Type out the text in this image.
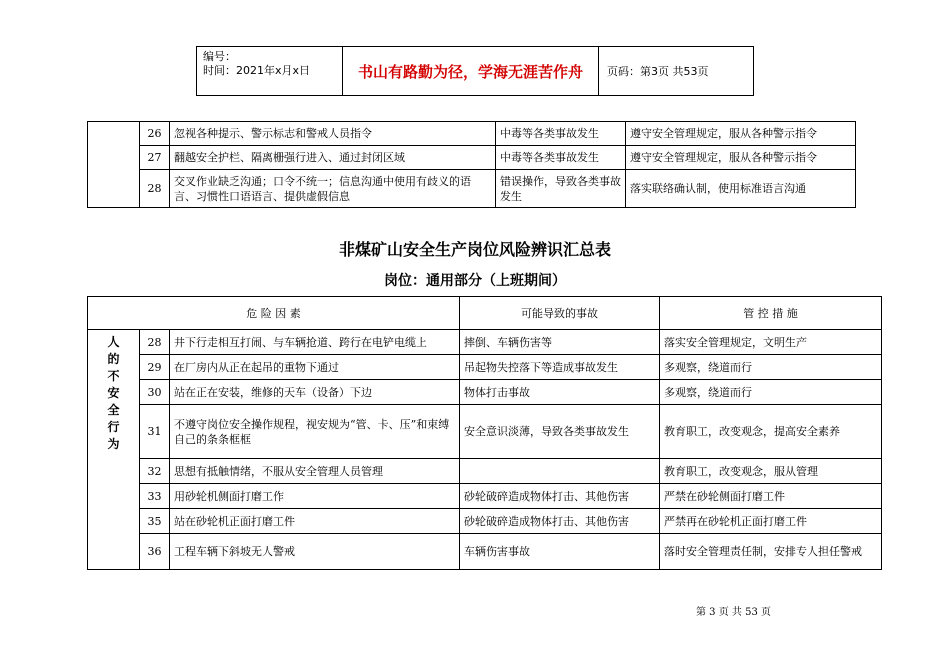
编号：
时间：2021年x月x日	书山有路勤为径，学海无涯苦作舟	页码：第3页 共53页
	26	忽视各种提示、警示标志和警戒人员指令	中毒等各类事故发生	遵守安全管理规定，服从各种警示指令
	27	翻越安全护栏、隔离栅强行进入、通过封闭区域	中毒等各类事故发生	遵守安全管理规定，服从各种警示指令
	28	交叉作业缺乏沟通；口令不统一；信息沟通中使用有歧义的语言、习惯性口语语言、提供虚假信息	错误操作，导致各类事故发生	落实联络确认制，使用标准语言沟通
非煤矿山安全生产岗位风险辨识汇总表
岗位：通用部分（上班期间）
危 险 因 素			可能导致的事故	管 控 措 施

人的不安全行为	28	井下行走相互打闹、与车辆抢道、跨行在电铲电缆上	摔倒、车辆伤害等	落实安全管理规定，文明生产
	29	在厂房内从正在起吊的重物下通过	吊起物失控落下等造成事故发生	多观察，绕道而行
	30	站在正在安装，维修的天车（设备）下边	物体打击事故	多观察，绕道而行
	31	不遵守岗位安全操作规程，视安规为“管、卡、压”和束缚自己的条条框框	安全意识淡薄，导致各类事故发生	教育职工，改变观念，提高安全素养
	32	思想有抵触情绪，不服从安全管理人员管理		教育职工，改变观念，服从管理
	33	用砂轮机侧面打磨工作	砂轮破碎造成物体打击、其他伤害	严禁在砂轮侧面打磨工件
	35	站在砂轮机正面打磨工件	砂轮破碎造成物体打击、其他伤害	严禁再在砂轮机正面打磨工件
	36	工程车辆下斜坡无人警戒	车辆伤害事故	落时安全管理责任制，安排专人担任警戒
第 3 页 共 53 页
